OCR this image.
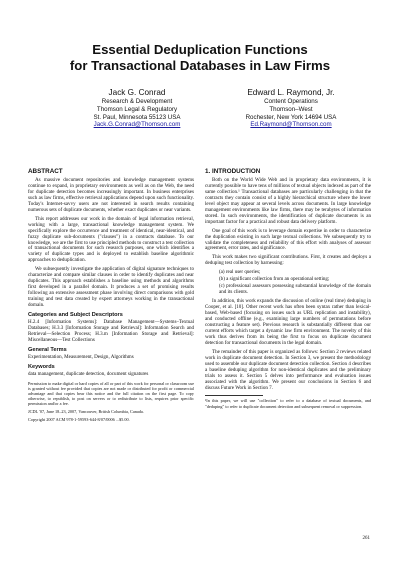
Essential Deduplication Functions
for Transactional Databases in Law Firms
Jack G. Conrad
Research & Development
Thomson Legal & Regulatory
St. Paul, Minnesota 55123 USA
Jack.G.Conrad@Thomson.com
Edward L. Raymond, Jr.
Content Operations
Thomson–West
Rochester, New York 14694 USA
Ed.Raymond@Thomson.com
ABSTRACT

As massive document repositories and knowledge management systems continue to expand, in proprietary environments as well as on the Web, the need for duplicate detection becomes increasingly important. In business enterprises such as law firms, effective retrieval applications depend upon such functionality. Today's Internet-savvy users are not interested in search results containing numerous sets of duplicate documents, whether exact duplicates or near variants.

This report addresses our work in the domain of legal information retrieval, working with a large, transactional knowledge management system. We specifically explore the occurrence and treatment of identical, near-identical, and fuzzy duplicate sub-documents ("clauses") in a contracts database. To our knowledge, we are the first to use principled methods to construct a test collection of transactional documents for such research purposes, one which identifies a variety of duplicate types and is deployed to establish baseline algorithmic approaches to deduplication.

We subsequently investigate the application of digital signature techniques to characterize and compare similar clauses in order to identify duplicates and near duplicates. This approach establishes a baseline using methods and algorithms first developed in a parallel domain. It produces a set of promising results following an extensive assessment phase involving direct comparisons with gold training and test data created by expert attorneys working in the transactional domain.

Categories and Subject Descriptors

H.2.4 [Information Systems]: Database Management—Systems–Textual Databases; H.3.3 [Information Storage and Retrieval]: Information Search and Retrieval—Selection Process; H.3.m [Information Storage and Retrieval]: Miscellaneous—Test Collections

General Terms

Experimentation, Measurement, Design, Algorithms

Keywords

data management, duplicate detection, document signatures

Permission to make digital or hard copies of all or part of this work for personal or classroom use is granted without fee provided that copies are not made or distributed for profit or commercial advantage and that copies bear this notice and the full citation on the first page. To copy otherwise, to republish, to post on servers or to redistribute to lists, requires prior specific permission and/or a fee.

JCDL '07, June 18–23, 2007, Vancouver, British Columbia, Canada.

Copyright 2007 ACM 978-1-59593-644-8/07/0006 ...$5.00.

1. INTRODUCTION

Both on the World Wide Web and in proprietary data environments, it is currently possible to have tens of millions of textual objects indexed as part of the same collection.¹ Transactional databases are particularly challenging in that the contracts they contain consist of a highly hierarchical structure where the lower level object may appear at several levels across documents. In large knowledge management environments like law firms, there may be terabytes of information stored. In such environments, the identification of duplicate documents is an important factor for a practical and robust data delivery platform.

One goal of this work is to leverage domain expertise in order to characterize the duplication existing in such large textual collections. We subsequently try to validate the completeness and reliability of this effort with analyses of assessor agreement, error rates, and significance.

This work makes two significant contributions. First, it creates and deploys a deduping test collection by harnessing:

(a) real user queries;
(b) a significant collection from an operational setting;
(c) professional assessors possessing substantial knowledge of the domain and its clients.

In addition, this work expands the discussion of online (real time) deduping in Cooper, et al. [10]. Other recent work has often been syntax rather than lexical-based, Web-based (focusing on issues such as URL replication and instability), and conducted offline (e.g., examining large numbers of permutations before constructing a feature set). Previous research is substantially different than our current efforts which target a dynamic law firm environment. The novelty of this work thus derives from its being the first to focus on duplicate document detection for transactional documents in the legal domain.

The remainder of this paper is organized as follows: Section 2 reviews related work in duplicate document detection. In Section 3, we present the methodology used to assemble our duplicate document detection collection. Section 4 describes a baseline deduping algorithm for non-identical duplicates and the preliminary trials to assess it. Section 5 delves into performance and evaluation issues associated with the algorithm. We present our conclusions in Section 6 and discuss Future Work in Section 7.

¹In this paper, we will use "collection" to refer to a database of textual documents, and "deduping" to refer to duplicate document detection and subsequent removal or suppression.

261
